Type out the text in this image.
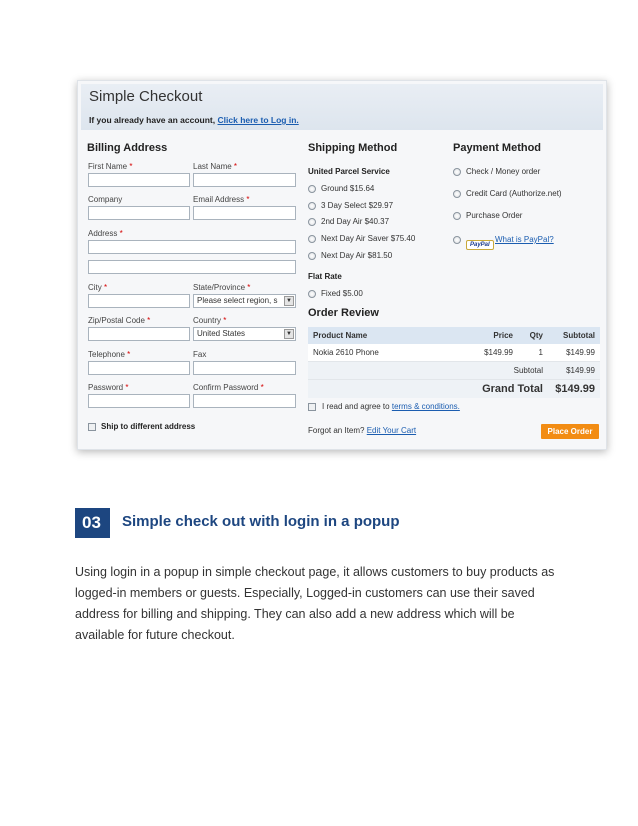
Simple Checkout
If you already have an account, Click here to Log in.
Billing Address
First Name *	Last Name *
Company	Email Address *
Address *
City *	State/Province *
Please select region, s	▼
Zip/Postal Code *	Country *
United States	▼
Telephone *	Fax
Password *	Confirm Password *
Ship to different address
Shipping Method
United Parcel Service
Ground $15.64
3 Day Select $29.97
2nd Day Air $40.37
Next Day Air Saver $75.40
Next Day Air $81.50
Flat Rate
Fixed $5.00
Payment Method
Check / Money order
Credit Card (Authorize.net)
Purchase Order
PayPal
What is PayPal?
Order Review
Product Name	Price	Qty	Subtotal
Nokia 2610 Phone	$149.99	1	$149.99
Subtotal			$149.99
Grand Total			$149.99
I read and agree to terms & conditions.
Forgot an Item? Edit Your Cart	Place Order
03	Simple check out with login in a popup
Using login in a popup in simple checkout page, it allows customers to buy products as
logged-in members or guests. Especially, Logged-in customers can use their saved
address for billing and shipping. They can also add a new address which will be
available for future checkout.
